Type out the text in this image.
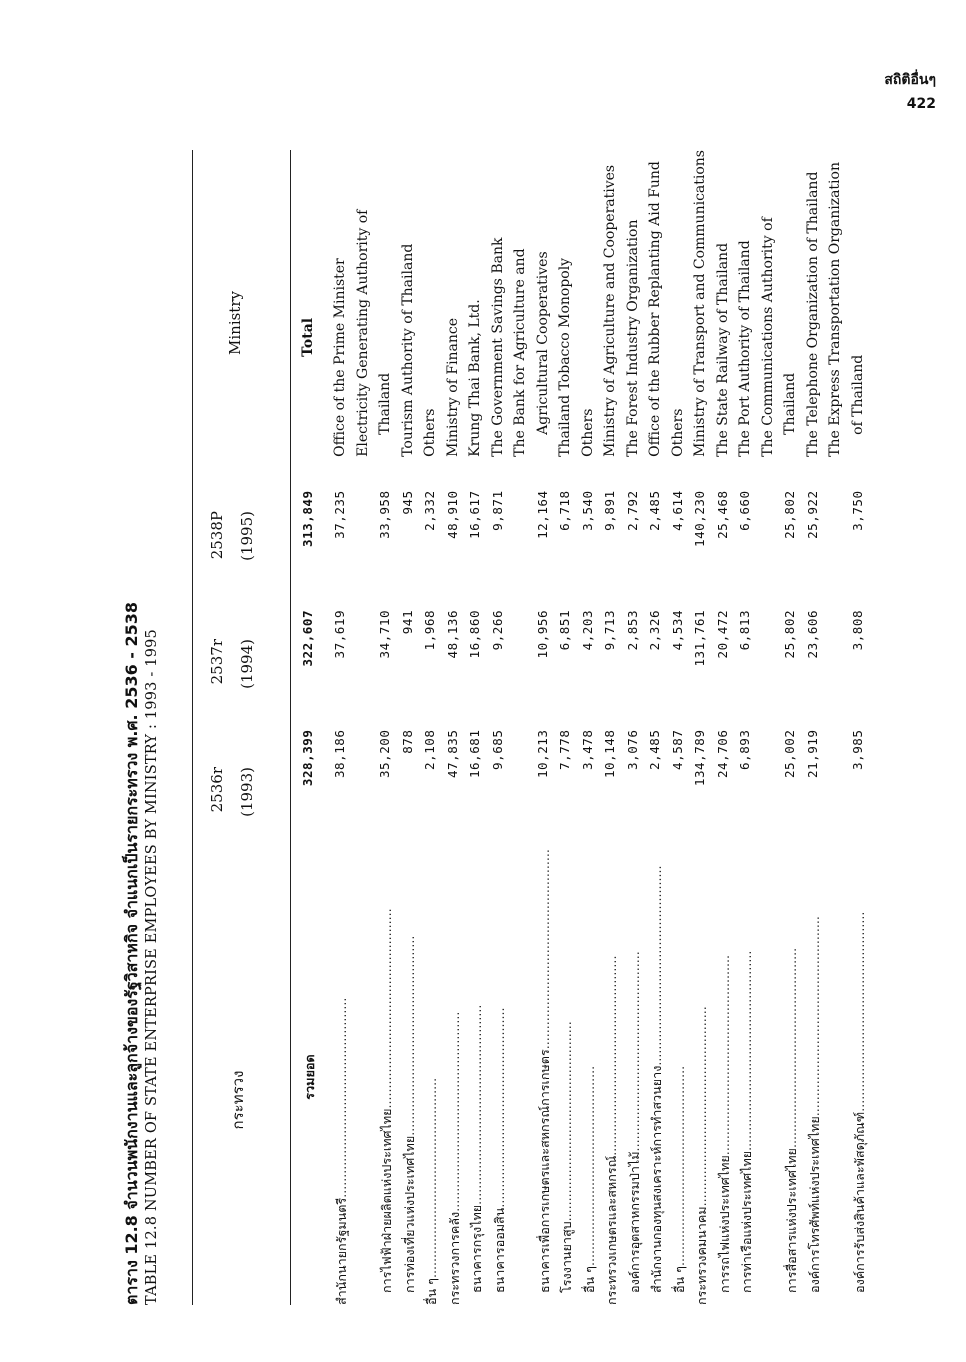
สถิติอื่นๆ
422
ตาราง 12.8 จำนวนพนักงานและลูกจ้างของรัฐวิสาหกิจ จำแนกเป็นรายกระทรวง พ.ศ. 2536 - 2538 TABLE 12.8 NUMBER OF STATE ENTERPRISE EMPLOYEES BY MINISTRY : 1993 - 1995	กระทรวง
2536r (1993)
2537r (1994)
2538P (1995)
Ministry
รวมยอด	328,399	322,607	313,849		Total
สำนักนายกรัฐมนตรี..................................................	38,186	37,619	37,235		Office of the Prime Minister
					Electricity Generating Authority of
การไฟฟ้าฝ่ายผลิตแห่งประเทศไทย..................................................	35,200	34,710	33,958		Thailand
การท่องเที่ยวแห่งประเทศไทย..................................................	878	941	945		Tourism Authority of Thailand
อื่น ๆ..................................................	2,108	1,968	2,332		Others
กระทรวงการคลัง..................................................	47,835	48,136	48,910		Ministry of Finance
ธนาคารกรุงไทย..................................................	16,681	16,860	16,617		Krung Thai Bank, Ltd.
ธนาคารออมสิน..................................................	9,685	9,266	9,871		The Government Savings Bank
					The Bank for Agriculture and
ธนาคารเพื่อการเกษตรและสหกรณ์การเกษตร..................................................	10,213	10,956	12,164		Agricultural Cooperatives
โรงงานยาสูบ..................................................	7,778	6,851	6,718		Thailand Tobacco Monopoly
อื่น ๆ..................................................	3,478	4,203	3,540		Others
กระทรวงเกษตรและสหกรณ์..................................................	10,148	9,713	9,891		Ministry of Agriculture and Cooperatives
องค์การอุตสาหกรรมป่าไม้..................................................	3,076	2,853	2,792		The Forest Industry Organization
สำนักงานกองทุนสงเคราะห์การทำสวนยาง..................................................	2,485	2,326	2,485		Office of the Rubber Replanting Aid Fund
อื่น ๆ..................................................	4,587	4,534	4,614		Others
กระทรวงคมนาคม..................................................	134,789	131,761	140,230		Ministry of Transport and Communications
การรถไฟแห่งประเทศไทย..................................................	24,706	20,472	25,468		The State Railway of Thailand
การท่าเรือแห่งประเทศไทย..................................................	6,893	6,813	6,660		The Port Authority of Thailand
					The Communications Authority of
การสื่อสารแห่งประเทศไทย..................................................	25,002	25,802	25,802		Thailand
องค์การโทรศัพท์แห่งประเทศไทย..................................................	21,919	23,606	25,922		The Telephone Organization of Thailand
					The Express Transportation Organization
องค์การรับส่งสินค้าและพัสดุภัณฑ์..................................................	3,985	3,808	3,750		of Thailand
